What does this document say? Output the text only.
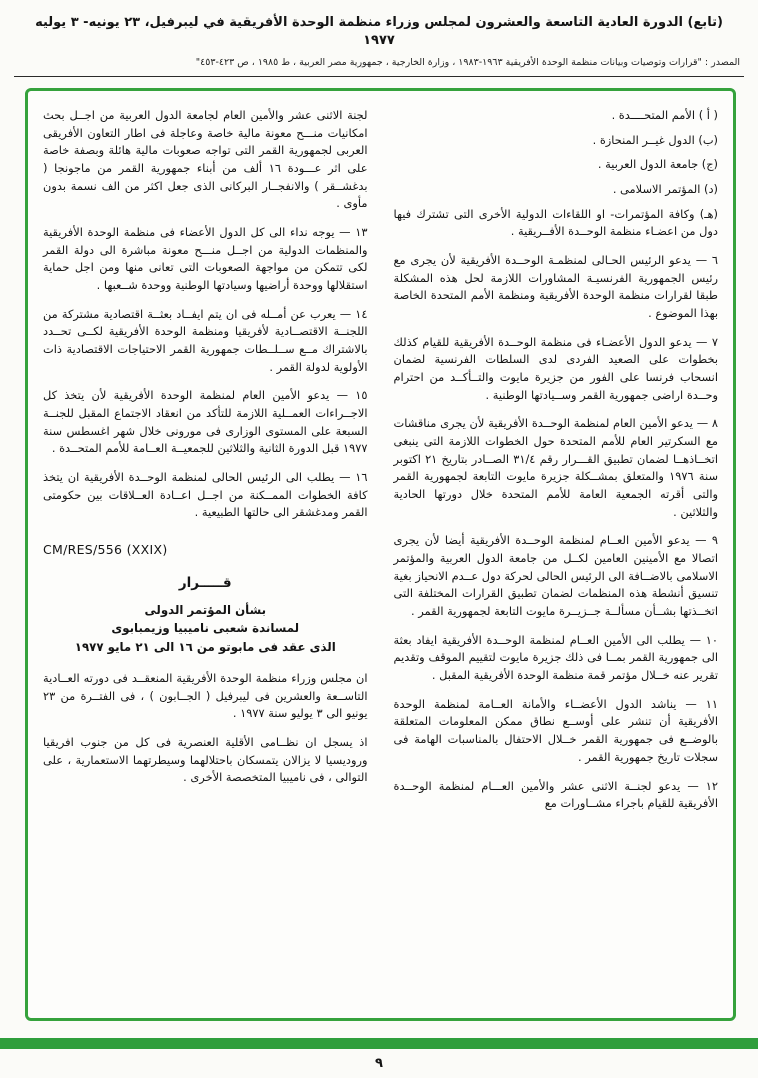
(تابع) الدورة العادية التاسعة والعشرون لمجلس وزراء منظمة الوحدة الأفريقية في ليبرفيل، ٢٣ يونيه- ٣ يوليه ١٩٧٧
المصدر : "قرارات وتوصيات وبيانات منظمة الوحدة الأفريقية ١٩٦٣-١٩٨٣ ، وزارة الخارجية ، جمهورية مصر العربية ، ط ١٩٨٥ ، ص ٤٢٣-٤٥٣"

( أ ) الأمم المتحــــدة .

(ب) الدول غيــر المنحازة .

(ج) جامعة الدول العربية .

(د) المؤتمر الاسلامى .

(هـ) وكافة المؤتمرات- او اللقاءات الدولية الأخرى التى تشترك فيها دول من اعضـاء منظمة الوحــدة الأفــريقية .

٦ — يدعو الرئيس الحـالى لمنظمـة الوحــدة الأفريقية لأن يجرى مع رئيس الجمهورية الفرنسيـة المشاورات اللازمة لحل هذه المشكلة طبقا لقرارات منظمة الوحدة الأفريقية ومنظمة الأمم المتحدة الخاصة بهذا الموضوع .

٧ — يدعو الدول الأعضـاء فى منظمة الوحــدة الأفريقية للقيام كذلك بخطوات على الصعيد الفردى لدى السلطات الفرنسية لضمان انسحاب فرنسا على الفور من جزيرة مايوت والتــأكــد من احترام وحــدة اراضى جمهورية القمر وســيادتها الوطنية .

٨ — يدعو الأمين العام لمنظمة الوحــدة الأفريقية لأن يجرى مناقشات مع السكرتير العام للأمم المتحدة حول الخطوات اللازمة التى ينبغى اتخــاذهــا لضمان تطبيق القـــرار رقم ٣١/٤ الصــادر بتاريخ ٢١ اكتوبر سنة ١٩٧٦ والمتعلق بمشــكلة جزيرة مايوت التابعة لجمهورية القمر والتى أقرته الجمعية العامة للأمم المتحدة خلال دورتها الحادية والثلاثين .

٩ — يدعو الأمين العــام لمنظمة الوحــدة الأفريقية أيضا لأن يجرى اتصالا مع الأمينين العامين لكــل من جامعة الدول العربية والمؤتمر الاسلامى بالاضــافة الى الرئيس الحالى لحركة دول عــدم الانحياز بغية تنسيق أنشطة هذه المنظمات لضمان تطبيق القرارات المختلفة التى اتخــذتها بشــأن مسألــة جــزيــرة مايوت التابعة لجمهورية القمر .

١٠ — يطلب الى الأمين العــام لمنظمة الوحــدة الأفريقية ايفاد بعثة الى جمهورية القمر بمــا فى ذلك جزيرة مايوت لتقييم الموقف وتقديم تقرير عنه خــلال مؤتمر قمة منظمة الوحدة الأفريقية المقبل .

١١ — يناشد الدول الأعضــاء والأمانة العــامة لمنظمة الوحدة الأفريقية أن تنشر على أوســع نطاق ممكن المعلومات المتعلقة بالوضــع فى جمهورية القمر خــلال الاحتفال بالمناسبات الهامة فى سجلات تاريخ جمهورية القمر .

١٢ — يدعو لجنــة الاثنى عشر والأمين العـــام لمنظمة الوحــدة الأفريقية للقيام باجراء مشــاورات مع

لجنة الاثنى عشر والأمين العام لجامعة الدول العربية من اجــل بحث امكانيات منـــح معونة مالية خاصة وعاجلة فى اطار التعاون الأفريقى العربى لجمهورية القمر التى تواجه صعوبات مالية هائلة وبصفة خاصة على اثر عـــودة ١٦ ألف من أبناء جمهورية القمر من ماجونجا ( بدغشــقر ) والانفجــار البركانى الذى جعل اكثر من الف نسمة بدون مأوى .

١٣ — يوجه نداء الى كل الدول الأعضاء فى منظمة الوحدة الأفريقية والمنظمات الدولية من اجــل منـــح معونة مباشرة الى دولة القمر لكى تتمكن من مواجهة الصعوبات التى تعانى منها ومن اجل حماية استقلالها ووحدة أراضيها وسيادتها الوطنية ووحدة شــعبها .

١٤ — يعرب عن أمــله فى ان يتم ايفــاد بعثــة اقتصادية مشتركة من اللجنــة الاقتصــادية لأفريقيا ومنظمة الوحدة الأفريقية لكــى تحــدد بالاشتراك مــع ســلــطات جمهورية القمر الاحتياجات الاقتصادية ذات الأولوية لدولة القمر .

١٥ — يدعو الأمين العام لمنظمة الوحدة الأفريقية لأن يتخذ كل الاجــراءات العمــلية اللازمة للتأكد من انعقاد الاجتماع المقبل للجنــة السبعة على المستوى الوزارى فى مورونى خلال شهر اغسطس سنة ١٩٧٧ قبل الدورة الثانية والثلاثين للجمعيــة العــامة للأمم المتحــدة .

١٦ — يطلب الى الرئيس الحالى لمنظمة الوحــدة الأفريقية ان يتخذ كافة الخطوات الممــكنة من اجــل اعــادة العــلاقات بين حكومتى القمر ومدغشقر الى حالتها الطبيعية .

CM/RES/556 (XXIX)
قـــــرار
بشأن المؤتمر الدولى
لمساندة شعبى ناميبيا وزيمبابوى
الذى عقد فى مابوتو من ١٦ الى ٢١ مايو ١٩٧٧

ان مجلس وزراء منظمة الوحدة الأفريقية المنعقــد فى دورته العــادية التاســعة والعشرين فى ليبرفيل ( الجــابون ) ، فى الفتــرة من ٢٣ يونيو الى ٣ يوليو سنة ١٩٧٧ .

اذ يسجل ان نظــامى الأقلية العنصرية فى كل من جنوب افريقيا وروديسيا لا يزالان يتمسكان باحتلالهما وسيطرتهما الاستعمارية ، على التوالى ، فى ناميبيا المتخصصة الأخرى .

٩
